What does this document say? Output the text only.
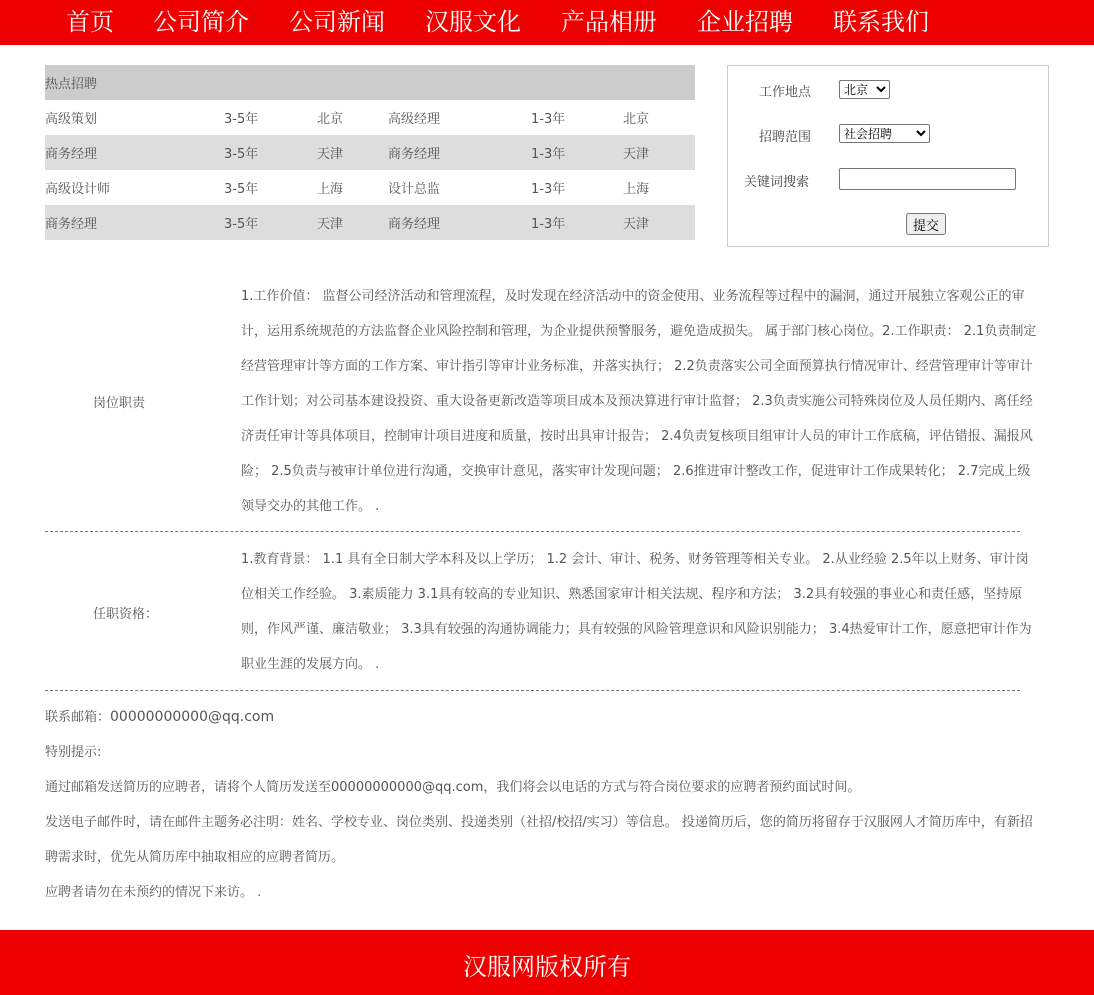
首页 公司简介 公司新闻 汉服文化 产品相册 企业招聘 联系我们
热点招聘					
高级策划	3-5年	北京	高级经理	1-3年	北京
商务经理	3-5年	天津	商务经理	1-3年	天津
高级设计师	3-5年	上海	设计总监	1-3年	上海
商务经理	3-5年	天津	商务经理	1-3年	天津
工作地点
北京
招聘范围
社会招聘
关键词搜索
提交
岗位职责
1.工作价值： 监督公司经济活动和管理流程，及时发现在经济活动中的资金使用、业务流程等过程中的漏洞，通过开展独立客观公正的审计，运用系统规范的方法监督企业风险控制和管理，为企业提供预警服务，避免造成损失。 属于部门核心岗位。2.工作职责： 2.1负责制定经营管理审计等方面的工作方案、审计指引等审计业务标准，并落实执行； 2.2负责落实公司全面预算执行情况审计、经营管理审计等审计工作计划；对公司基本建设投资、重大设备更新改造等项目成本及预决算进行审计监督； 2.3负责实施公司特殊岗位及人员任期内、离任经济责任审计等具体项目，控制审计项目进度和质量，按时出具审计报告； 2.4负责复核项目组审计人员的审计工作底稿，评估错报、漏报风险； 2.5负责与被审计单位进行沟通，交换审计意见，落实审计发现问题； 2.6推进审计整改工作，促进审计工作成果转化； 2.7完成上级领导交办的其他工作。 .
任职资格：
1.教育背景： 1.1 具有全日制大学本科及以上学历； 1.2 会计、审计、税务、财务管理等相关专业。 2.从业经验 2.5年以上财务、审计岗位相关工作经验。 3.素质能力 3.1具有较高的专业知识、熟悉国家审计相关法规、程序和方法； 3.2具有较强的事业心和责任感，坚持原则，作风严谨、廉洁敬业； 3.3具有较强的沟通协调能力；具有较强的风险管理意识和风险识别能力； 3.4热爱审计工作，愿意把审计作为职业生涯的发展方向。 .
联系邮箱：00000000000@qq.com
特别提示:
通过邮箱发送简历的应聘者，请将个人简历发送至00000000000@qq.com，我们将会以电话的方式与符合岗位要求的应聘者预约面试时间。
发送电子邮件时，请在邮件主题务必注明：姓名、学校专业、岗位类别、投递类别（社招/校招/实习）等信息。 投递简历后，您的简历将留存于汉服网人才简历库中，有新招聘需求时，优先从简历库中抽取相应的应聘者简历。
应聘者请勿在未预约的情况下来访。 .
汉服网版权所有
